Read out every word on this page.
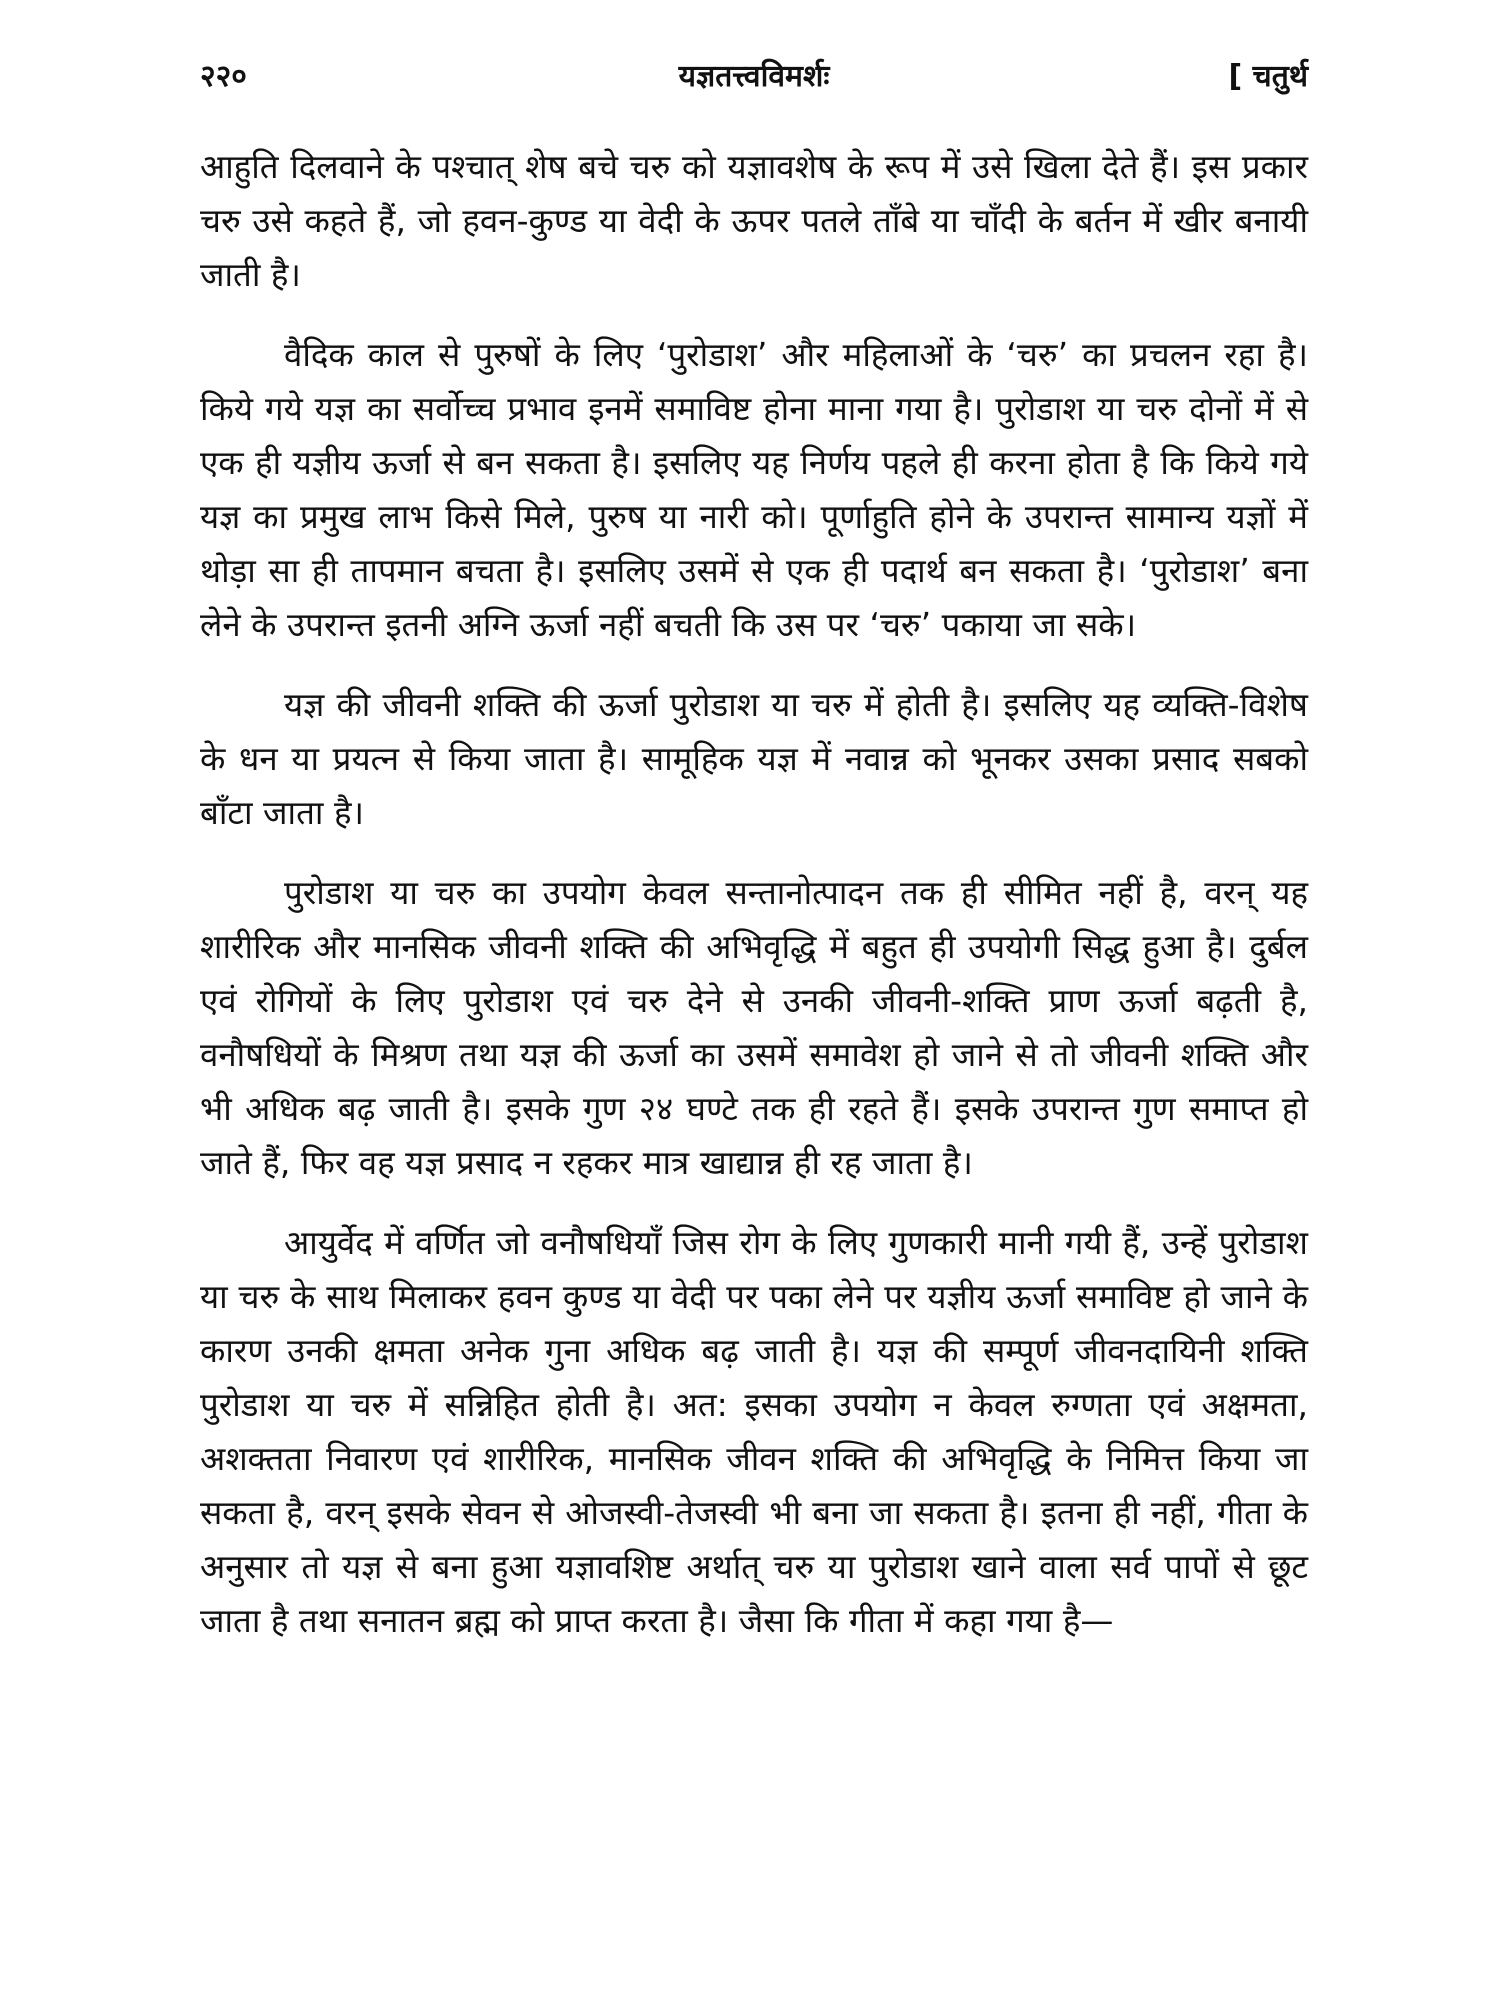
२२०	यज्ञतत्त्वविमर्शः	[ चतुर्थ

आहुति दिलवाने के पश्चात् शेष बचे चरु को यज्ञावशेष के रूप में उसे खिला देते हैं। इस प्रकार चरु उसे कहते हैं, जो हवन-कुण्ड या वेदी के ऊपर पतले ताँबे या चाँदी के बर्तन में खीर बनायी जाती है।

वैदिक काल से पुरुषों के लिए ‘पुरोडाश’ और महिलाओं के ‘चरु’ का प्रचलन रहा है। किये गये यज्ञ का सर्वोच्च प्रभाव इनमें समाविष्ट होना माना गया है। पुरोडाश या चरु दोनों में से एक ही यज्ञीय ऊर्जा से बन सकता है। इसलिए यह निर्णय पहले ही करना होता है कि किये गये यज्ञ का प्रमुख लाभ किसे मिले, पुरुष या नारी को। पूर्णाहुति होने के उपरान्त सामान्य यज्ञों में थोड़ा सा ही तापमान बचता है। इसलिए उसमें से एक ही पदार्थ बन सकता है। ‘पुरोडाश’ बना लेने के उपरान्त इतनी अग्नि ऊर्जा नहीं बचती कि उस पर ‘चरु’ पकाया जा सके।

यज्ञ की जीवनी शक्ति की ऊर्जा पुरोडाश या चरु में होती है। इसलिए यह व्यक्ति-विशेष के धन या प्रयत्न से किया जाता है। सामूहिक यज्ञ में नवान्न को भूनकर उसका प्रसाद सबको बाँटा जाता है।

पुरोडाश या चरु का उपयोग केवल सन्तानोत्पादन तक ही सीमित नहीं है, वरन् यह शारीरिक और मानसिक जीवनी शक्ति की अभिवृद्धि में बहुत ही उपयोगी सिद्ध हुआ है। दुर्बल एवं रोगियों के लिए पुरोडाश एवं चरु देने से उनकी जीवनी-शक्ति प्राण ऊर्जा बढ़ती है, वनौषधियों के मिश्रण तथा यज्ञ की ऊर्जा का उसमें समावेश हो जाने से तो जीवनी शक्ति और भी अधिक बढ़ जाती है। इसके गुण २४ घण्टे तक ही रहते हैं। इसके उपरान्त गुण समाप्त हो जाते हैं, फिर वह यज्ञ प्रसाद न रहकर मात्र खाद्यान्न ही रह जाता है।

आयुर्वेद में वर्णित जो वनौषधियाँ जिस रोग के लिए गुणकारी मानी गयी हैं, उन्हें पुरोडाश या चरु के साथ मिलाकर हवन कुण्ड या वेदी पर पका लेने पर यज्ञीय ऊर्जा समाविष्ट हो जाने के कारण उनकी क्षमता अनेक गुना अधिक बढ़ जाती है। यज्ञ की सम्पूर्ण जीवनदायिनी शक्ति पुरोडाश या चरु में सन्निहित होती है। अत: इसका उपयोग न केवल रुग्णता एवं अक्षमता, अशक्तता निवारण एवं शारीरिक, मानसिक जीवन शक्ति की अभिवृद्धि के निमित्त किया जा सकता है, वरन् इसके सेवन से ओजस्वी-तेजस्वी भी बना जा सकता है। इतना ही नहीं, गीता के अनुसार तो यज्ञ से बना हुआ यज्ञावशिष्ट अर्थात् चरु या पुरोडाश खाने वाला सर्व पापों से छूट जाता है तथा सनातन ब्रह्म को प्राप्त करता है। जैसा कि गीता में कहा गया है—
